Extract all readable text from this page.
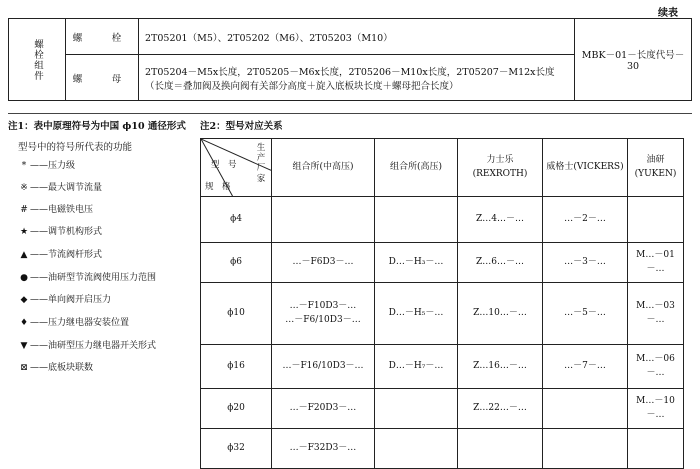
续表
螺栓组件	螺　栓	2T05201（M5）、2T05202（M6）、2T05203（M10）	MBK－01－长度代号－30
	螺　母	2T05204－M5x长度，2T05205－M6x长度，2T05206－M10x长度，2T05207－M12x长度
（长度＝叠加阀及换向阀有关部分高度＋旋入底板块长度＋螺母把合长度）	
注1：表中原理符号为中国 ϕ10 通径形式
型号中的符号所代表的功能
* ——压力级
※ ——最大调节流量
# ——电磁铁电压
★ ——调节机构形式
▲ ——节流阀杆形式
● ——油研型节流阀使用压力范围
◆ ——单向阀开启压力
♦ ——压力继电器安装位置
▼ ——油研型压力继电器开关形式
⊠ ——底板块联数
注2：型号对应关系
生产厂家
型　号
规　格	组合所(中高压)	组合所(高压)	力士乐(REXROTH)	威格士(VICKERS)	油研(YUKEN)
ϕ4			Z…4…－…	…－2－…	
ϕ6	…－F6D3－…	D…－H₃－…	Z…6…－…	…－3－…	M…－01－…
ϕ10	…－F10D3－…
…－F6/10D3－…	D…－H₅－…	Z…10…－…	…－5－…	M…－03－…
ϕ16	…－F16/10D3－…	D…－H₇－…	Z…16…－…	…－7－…	M…－06－…
ϕ20	…－F20D3－…		Z…22…－…		M…－10－…
ϕ32	…－F32D3－…				
